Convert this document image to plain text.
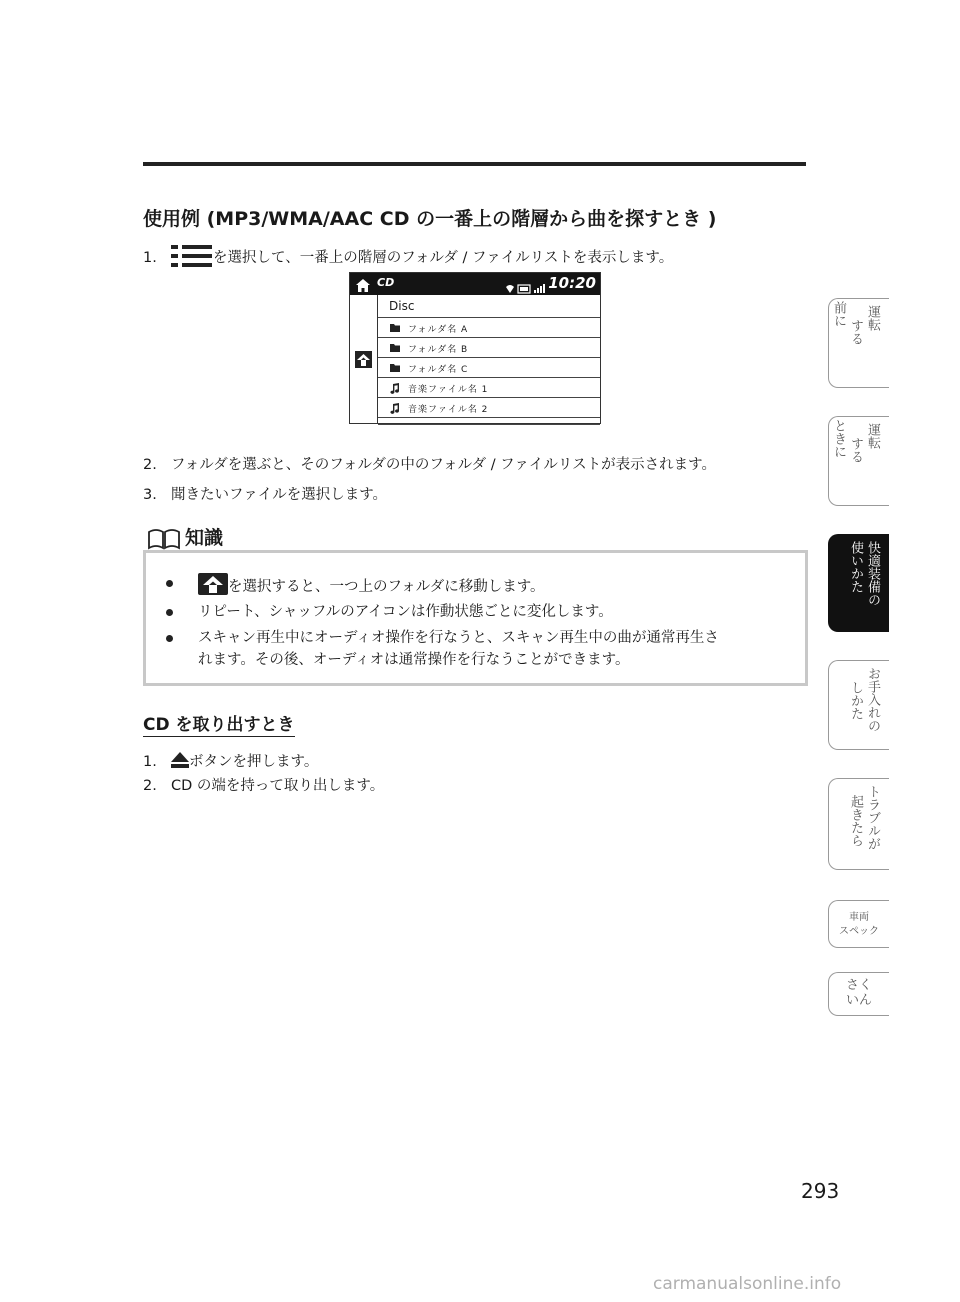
使用例 (MP3/WMA/AAC CD の一番上の階層から曲を探すとき )
1.	を選択して、一番上の階層のフォルダ / ファイルリストを表示します。
CD	10:20
Disc
フォルダ名 A
フォルダ名 B
フォルダ名 C
音楽ファイル名 1
音楽ファイル名 2
2. フォルダを選ぶと、そのフォルダの中のフォルダ / ファイルリストが表示されます。
3. 聞きたいファイルを選択します。
知識
を選択すると、一つ上のフォルダに移動します。
リピート、シャッフルのアイコンは作動状態ごとに変化します。
スキャン再生中にオーディオ操作を行なうと、スキャン再生中の曲が通常再生さ
れます。その後、オーディオは通常操作を行なうことができます。
CD を取り出すとき
1. ボタンを押します。
2. CD の端を持って取り出します。
運転
する
前に
運転
する
ときに
快適装備の
使いかた
お手入れの
しかた
トラブルが
起きたら
車両
スペック
さく
いん
293
carmanualsonline.info
